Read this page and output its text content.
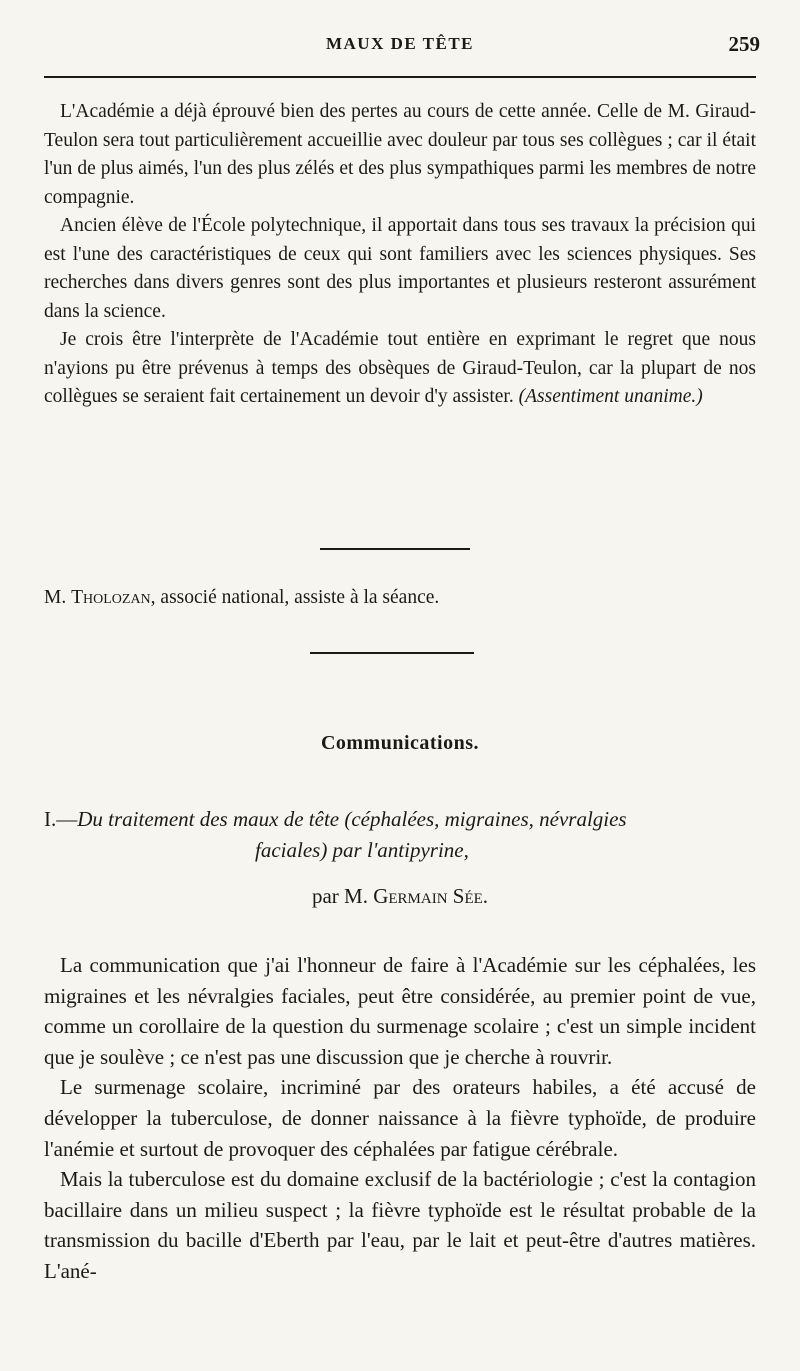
MAUX DE TÊTE	259

L'Académie a déjà éprouvé bien des pertes au cours de cette année. Celle de M. Giraud-Teulon sera tout particulièrement accueillie avec douleur par tous ses collègues ; car il était l'un de plus aimés, l'un des plus zélés et des plus sympathiques parmi les membres de notre compagnie.

Ancien élève de l'École polytechnique, il apportait dans tous ses travaux la précision qui est l'une des caractéristiques de ceux qui sont familiers avec les sciences physiques. Ses recherches dans divers genres sont des plus importantes et plusieurs resteront assurément dans la science.

Je crois être l'interprète de l'Académie tout entière en exprimant le regret que nous n'ayions pu être prévenus à temps des obsèques de Giraud-Teulon, car la plupart de nos collègues se seraient fait certainement un devoir d'y assister. (Assentiment unanime.)

M. Tholozan, associé national, assiste à la séance.

Communications.
I.—Du traitement des maux de tête (céphalées, migraines, névralgies
faciales) par l'antipyrine,
par M. Germain Sée.

La communication que j'ai l'honneur de faire à l'Académie sur les céphalées, les migraines et les névralgies faciales, peut être considérée, au premier point de vue, comme un corollaire de la question du surmenage scolaire ; c'est un simple incident que je soulève ; ce n'est pas une discussion que je cherche à rouvrir.

Le surmenage scolaire, incriminé par des orateurs habiles, a été accusé de développer la tuberculose, de donner naissance à la fièvre typhoïde, de produire l'anémie et surtout de provoquer des céphalées par fatigue cérébrale.

Mais la tuberculose est du domaine exclusif de la bactériologie ; c'est la contagion bacillaire dans un milieu suspect ; la fièvre typhoïde est le résultat probable de la transmission du bacille d'Eberth par l'eau, par le lait et peut-être d'autres matières. L'ané-
